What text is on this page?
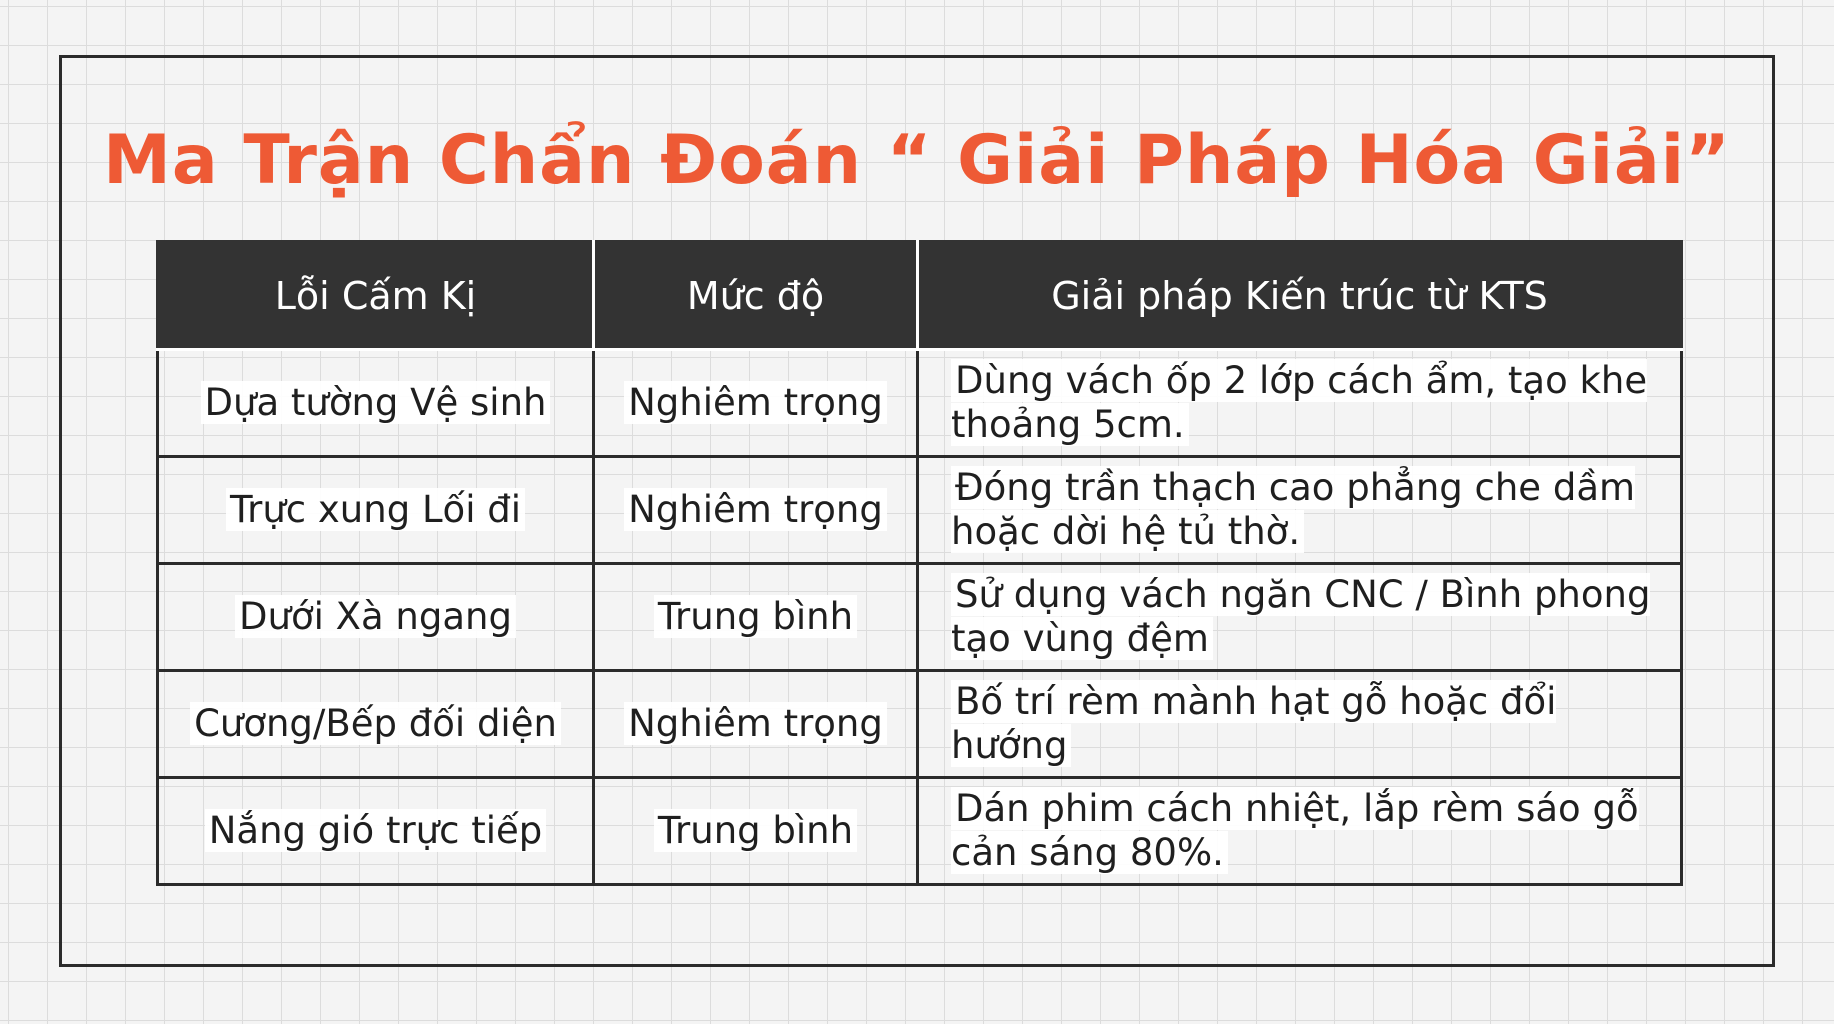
Ma Trận Chẩn Đoán “ Giải Pháp Hóa Giải”
Lỗi Cấm Kị	Mức độ	Giải pháp Kiến trúc từ KTS
Dựa tường Vệ sinh	Nghiêm trọng	Dùng vách ốp 2 lớp cách ẩm, tạo khe thoảng 5cm.
Trực xung Lối đi	Nghiêm trọng	Đóng trần thạch cao phẳng che dầm hoặc dời hệ tủ thờ.
Dưới Xà ngang	Trung bình	Sử dụng vách ngăn CNC / Bình phong tạo vùng đệm
Cương/Bếp đối diện	Nghiêm trọng	Bố trí rèm mành hạt gỗ hoặc đổi hướng
Nắng gió trực tiếp	Trung bình	Dán phim cách nhiệt, lắp rèm sáo gỗ cản sáng 80%.
